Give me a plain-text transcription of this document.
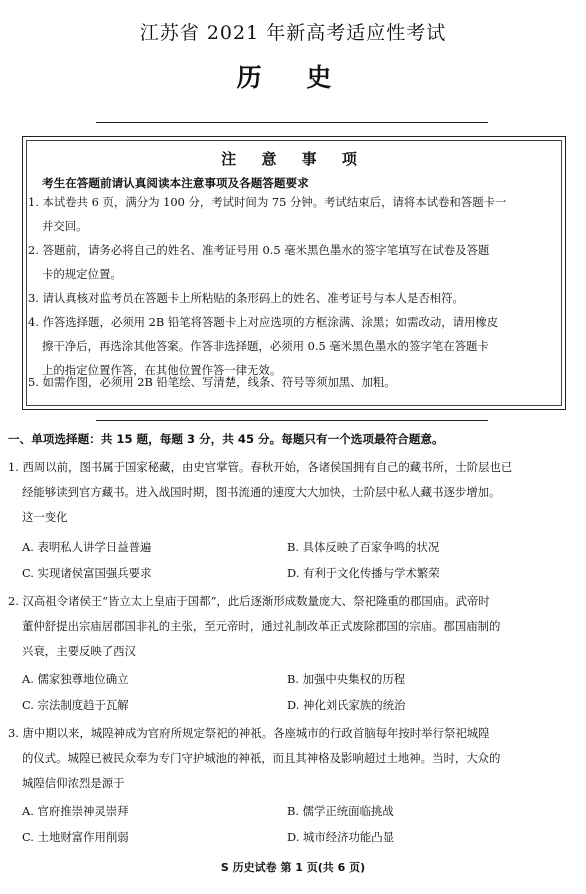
江苏省 2021 年新高考适应性考试
历 史
注 意 事 项
考生在答题前请认真阅读本注意事项及各题答题要求
1. 本试卷共 6 页，满分为 100 分，考试时间为 75 分钟。考试结束后，请将本试卷和答题卡一
并交回。
2. 答题前，请务必将自己的姓名、准考证号用 0.5 毫米黑色墨水的签字笔填写在试卷及答题
卡的规定位置。
3. 请认真核对监考员在答题卡上所粘贴的条形码上的姓名、准考证号与本人是否相符。
4. 作答选择题，必须用 2B 铅笔将答题卡上对应选项的方框涂满、涂黑；如需改动，请用橡皮
擦干净后，再选涂其他答案。作答非选择题，必须用 0.5 毫米黑色墨水的签字笔在答题卡
上的指定位置作答，在其他位置作答一律无效。
5. 如需作图，必须用 2B 铅笔绘、写清楚，线条、符号等须加黑、加粗。
一、单项选择题：共 15 题，每题 3 分，共 45 分。每题只有一个选项最符合题意。
1. 西周以前，图书属于国家秘藏，由史官掌管。春秋开始，各诸侯国拥有自己的藏书所，士阶层也已
经能够读到官方藏书。进入战国时期，图书流通的速度大大加快，士阶层中私人藏书逐步增加。
这一变化
A. 表明私人讲学日益普遍	B. 具体反映了百家争鸣的状况
C. 实现诸侯富国强兵要求	D. 有利于文化传播与学术繁荣
2. 汉高祖令诸侯王“皆立太上皇庙于国都”，此后逐渐形成数量庞大、祭祀隆重的郡国庙。武帝时
董仲舒提出宗庙居郡国非礼的主张，至元帝时，通过礼制改革正式废除郡国的宗庙。郡国庙制的
兴衰，主要反映了西汉
A. 儒家独尊地位确立	B. 加强中央集权的历程
C. 宗法制度趋于瓦解	D. 神化刘氏家族的统治
3. 唐中期以来，城隍神成为官府所规定祭祀的神祇。各座城市的行政首脑每年按时举行祭祀城隍
的仪式。城隍已被民众奉为专门守护城池的神祇，而且其神格及影响超过土地神。当时，大众的
城隍信仰浓烈是源于
A. 官府推崇神灵崇拜	B. 儒学正统面临挑战
C. 土地财富作用削弱	D. 城市经济功能凸显
S 历史试卷 第 1 页(共 6 页)
